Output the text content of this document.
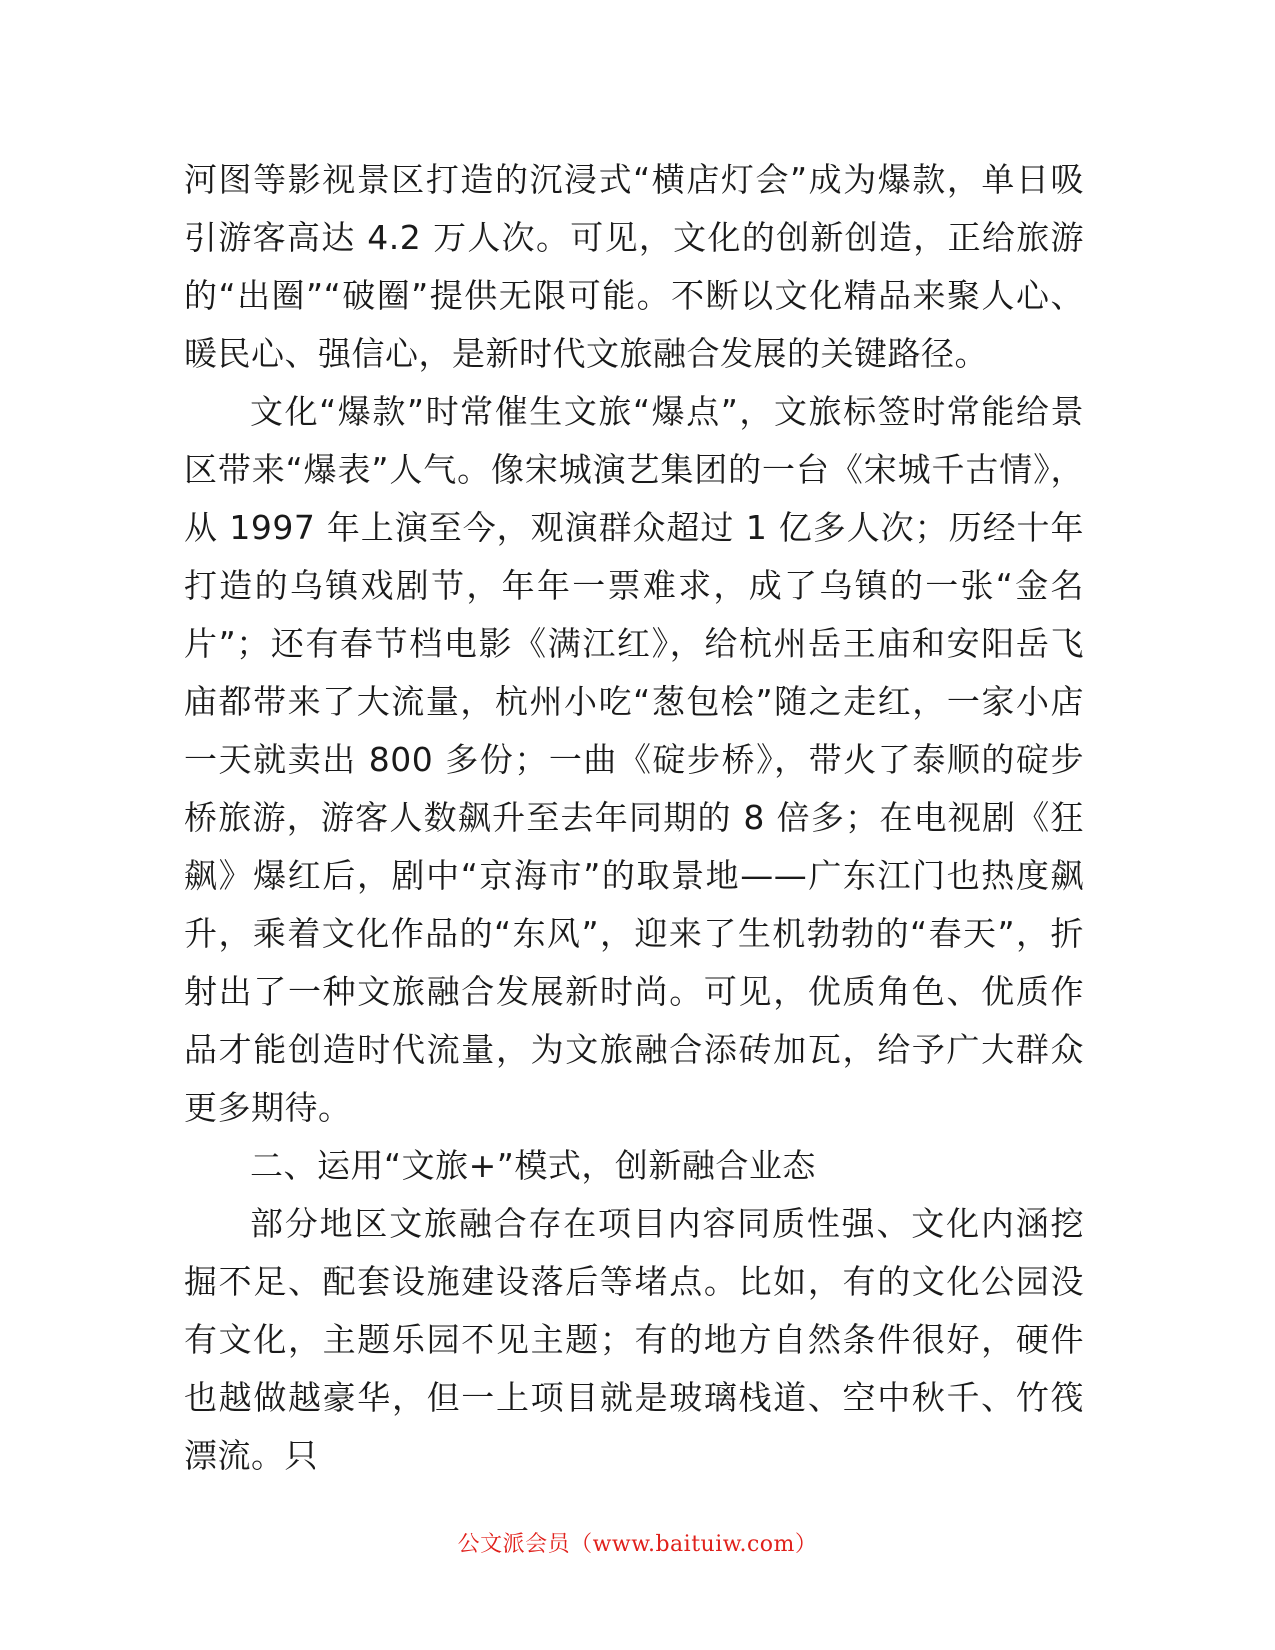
河图等影视景区打造的沉浸式“横店灯会”成为爆款，单日吸引游客高达 4.2 万人次。可见，文化的创新创造，正给旅游的“出圈”“破圈”提供无限可能。不断以文化精品来聚人心、暖民心、强信心，是新时代文旅融合发展的关键路径。

文化“爆款”时常催生文旅“爆点”，文旅标签时常能给景区带来“爆表”人气。像宋城演艺集团的一台《宋城千古情》，从 1997 年上演至今，观演群众超过 1 亿多人次；历经十年打造的乌镇戏剧节，年年一票难求，成了乌镇的一张“金名片”；还有春节档电影《满江红》，给杭州岳王庙和安阳岳飞庙都带来了大流量，杭州小吃“葱包桧”随之走红，一家小店一天就卖出 800 多份；一曲《碇步桥》，带火了泰顺的碇步桥旅游，游客人数飙升至去年同期的 8 倍多；在电视剧《狂飙》爆红后，剧中“京海市”的取景地——广东江门也热度飙升，乘着文化作品的“东风”，迎来了生机勃勃的“春天”，折射出了一种文旅融合发展新时尚。可见，优质角色、优质作品才能创造时代流量，为文旅融合添砖加瓦，给予广大群众更多期待。

二、运用“文旅+”模式，创新融合业态

部分地区文旅融合存在项目内容同质性强、文化内涵挖掘不足、配套设施建设落后等堵点。比如，有的文化公园没有文化，主题乐园不见主题；有的地方自然条件很好，硬件也越做越豪华，但一上项目就是玻璃栈道、空中秋千、竹筏漂流。只

公文派会员（www.baituiw.com）
